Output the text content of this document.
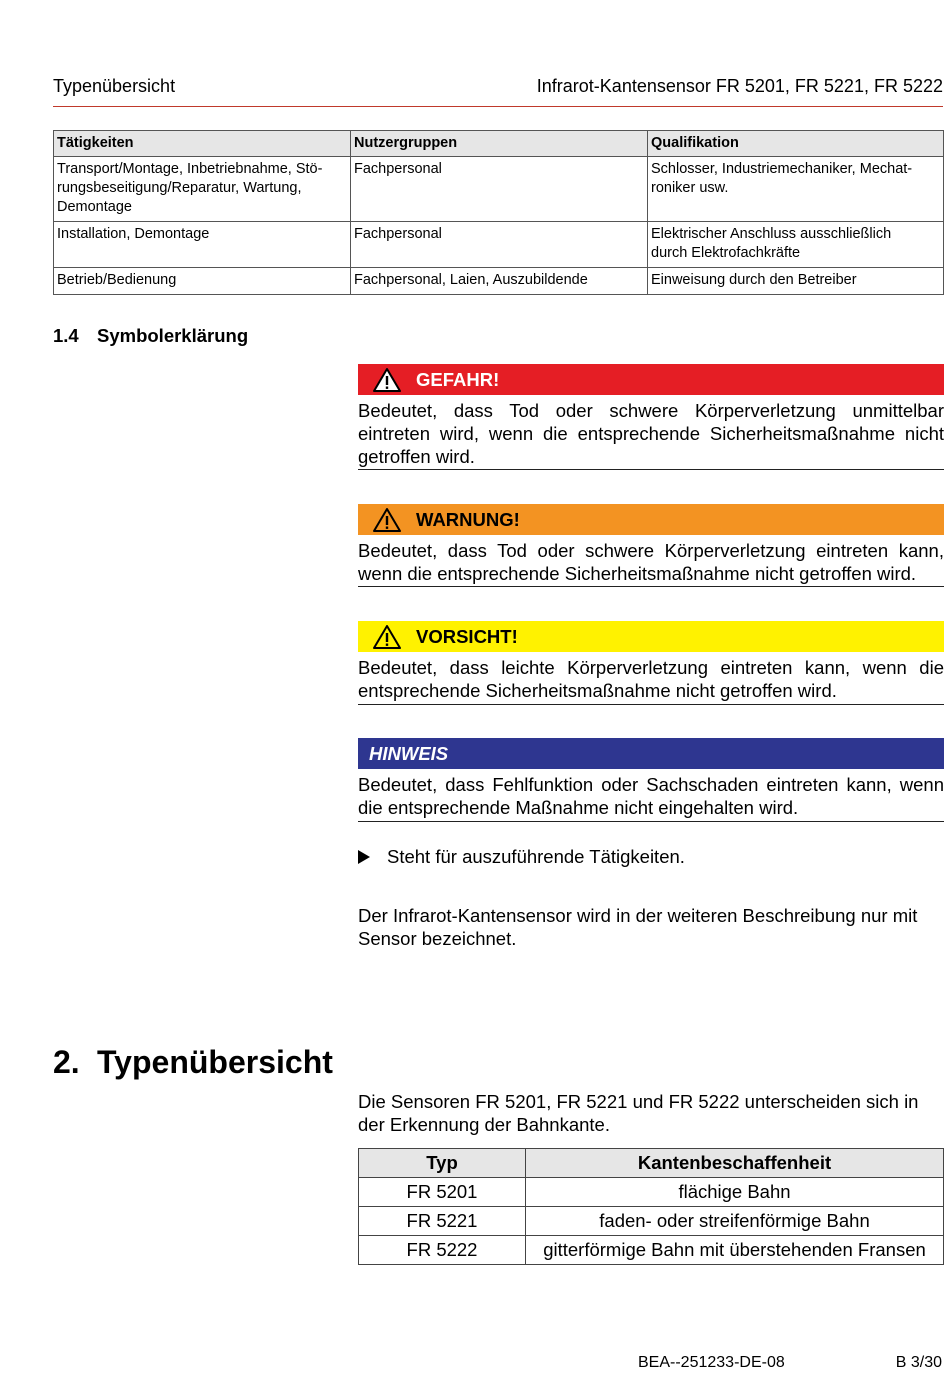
Typenübersicht	Infrarot-Kantensensor FR 5201, FR 5221, FR 5222
Tätigkeiten	Nutzergruppen	Qualifikation
Transport/Montage, Inbetriebnahme, Stö-
rungsbeseitigung/Reparatur, Wartung,
Demontage	Fachpersonal	Schlosser, Industriemechaniker, Mechat-
roniker usw.
Installation, Demontage	Fachpersonal	Elektrischer Anschluss ausschließlich
durch Elektrofachkräfte
Betrieb/Bedienung	Fachpersonal, Laien, Auszubildende	Einweisung durch den Betreiber
1.4 Symbolerklärung
GEFAHR!
Bedeutet, dass Tod oder schwere Körperverletzung unmittelbar eintreten wird, wenn die entsprechende Sicherheitsmaßnahme nicht getroffen wird.
WARNUNG!
Bedeutet, dass Tod oder schwere Körperverletzung eintreten kann, wenn die entsprechende Sicherheitsmaßnahme nicht getroffen wird.
VORSICHT!
Bedeutet, dass leichte Körperverletzung eintreten kann, wenn die entsprechende Sicherheitsmaßnahme nicht getroffen wird.
HINWEIS
Bedeutet, dass Fehlfunktion oder Sachschaden eintreten kann, wenn die entsprechende Maßnahme nicht eingehalten wird.
Steht für auszuführende Tätigkeiten.
Der Infrarot-Kantensensor wird in der weiteren Beschreibung nur mit Sensor bezeichnet.
2. Typenübersicht
Die Sensoren FR 5201, FR 5221 und FR 5222 unterscheiden sich in der Erkennung der Bahnkante.
Typ	Kantenbeschaffenheit
FR 5201	flächige Bahn
FR 5221	faden- oder streifenförmige Bahn
FR 5222	gitterförmige Bahn mit überstehenden Fransen
BEA--251233-DE-08	B 3/30
